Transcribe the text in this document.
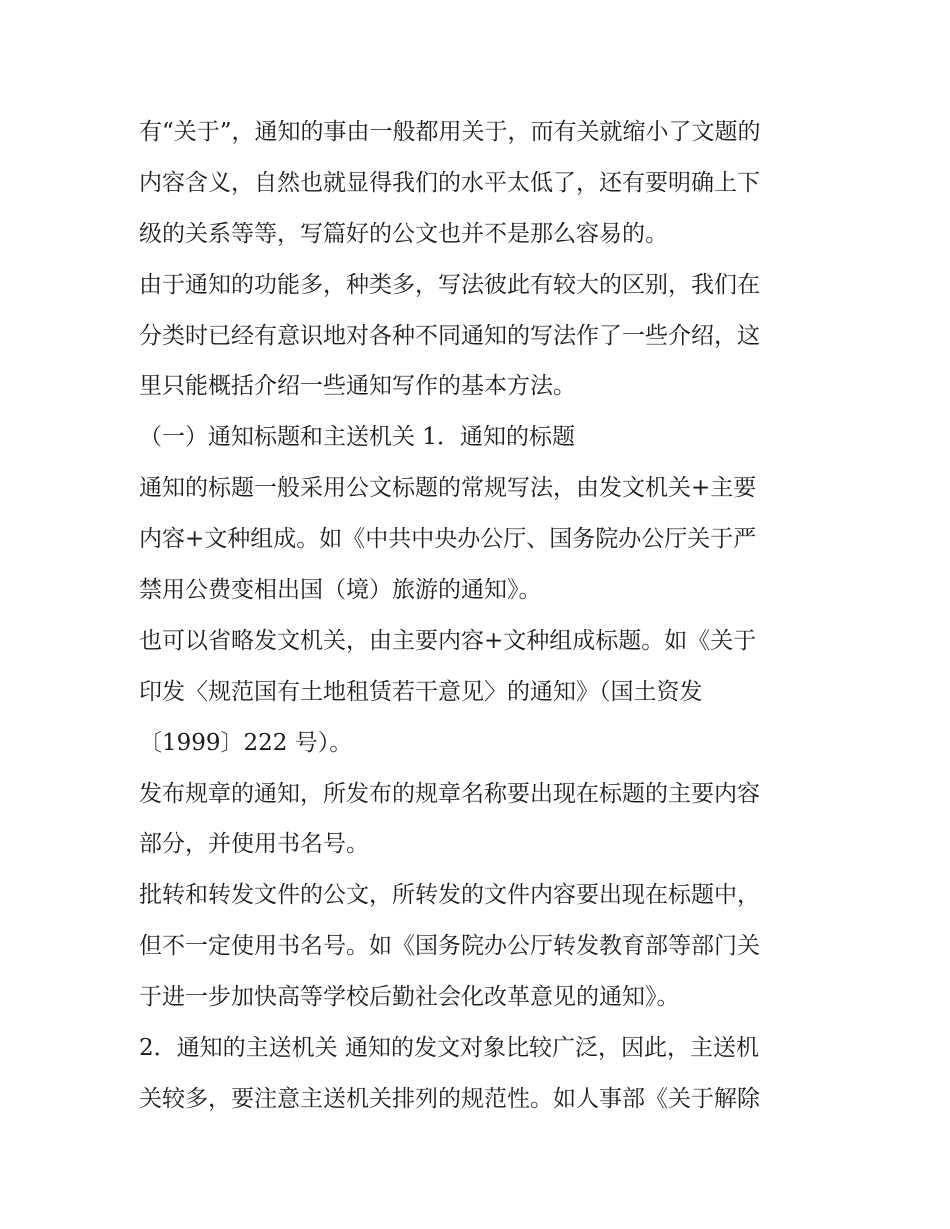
有“关于”，通知的事由一般都用关于，而有关就缩小了文题的
内容含义，自然也就显得我们的水平太低了，还有要明确上下
级的关系等等，写篇好的公文也并不是那么容易的。
由于通知的功能多，种类多，写法彼此有较大的区别，我们在
分类时已经有意识地对各种不同通知的写法作了一些介绍，这
里只能概括介绍一些通知写作的基本方法。
（一）通知标题和主送机关 1．通知的标题
通知的标题一般采用公文标题的常规写法，由发文机关+主要
内容+文种组成。如《中共中央办公厅、国务院办公厅关于严
禁用公费变相出国（境）旅游的通知》。
也可以省略发文机关，由主要内容+文种组成标题。如《关于
印发〈规范国有土地租赁若干意见〉的通知》（国土资发
〔1999〕222 号）。
发布规章的通知，所发布的规章名称要出现在标题的主要内容
部分，并使用书名号。
批转和转发文件的公文，所转发的文件内容要出现在标题中，
但不一定使用书名号。如《国务院办公厅转发教育部等部门关
于进一步加快高等学校后勤社会化改革意见的通知》。
2．通知的主送机关 通知的发文对象比较广泛，因此，主送机
关较多，要注意主送机关排列的规范性。如人事部《关于解除
